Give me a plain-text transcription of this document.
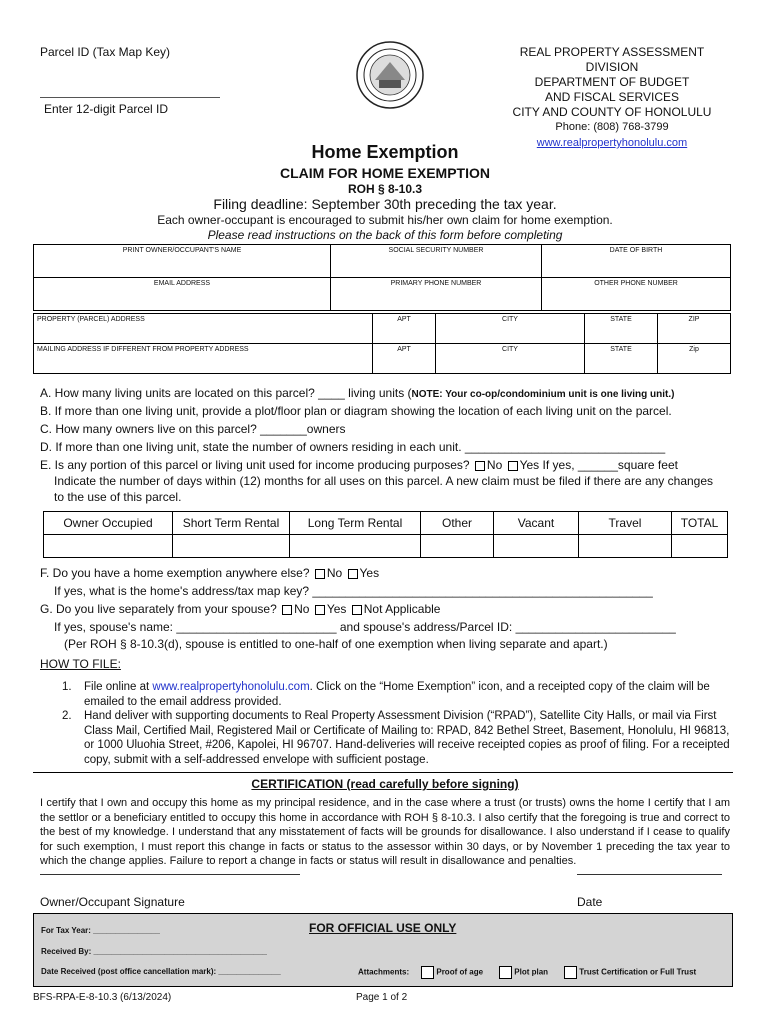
Parcel ID (Tax Map Key)
Enter 12-digit Parcel ID
REAL PROPERTY ASSESSMENT DIVISION
DEPARTMENT OF BUDGET
AND FISCAL SERVICES
CITY AND COUNTY OF HONOLULU
Phone: (808) 768-3799
www.realpropertyhonolulu.com
Home Exemption
CLAIM FOR HOME EXEMPTION
ROH § 8-10.3
Filing deadline: September 30th preceding the tax year.
Each owner-occupant is encouraged to submit his/her own claim for home exemption.
Please read instructions on the back of this form before completing
PRINT OWNER/OCCUPANT'S NAME	SOCIAL SECURITY NUMBER	DATE OF BIRTH
EMAIL ADDRESS	PRIMARY PHONE NUMBER	OTHER PHONE NUMBER
PROPERTY (PARCEL) ADDRESS	APT	CITY	STATE	ZIP
MAILING ADDRESS IF DIFFERENT FROM PROPERTY ADDRESS	APT	CITY	STATE	Zip
A. How many living units are located on this parcel? ____ living units (NOTE: Your co-op/condominium unit is one living unit.)
B. If more than one living unit, provide a plot/floor plan or diagram showing the location of each living unit on the parcel.
C. How many owners live on this parcel? _______owners
D. If more than one living unit, state the number of owners residing in each unit. ______________________________
E. Is any portion of this parcel or living unit used for income producing purposes? No Yes If yes, ______square feet
Indicate the number of days within (12) months for all uses on this parcel. A new claim must be filed if there are any changes
to the use of this parcel.
Owner Occupied	Short Term Rental	Long Term Rental	Other	Vacant	Travel	TOTAL

F. Do you have a home exemption anywhere else? No Yes
If yes, what is the home's address/tax map key? ___________________________________________________
G. Do you live separately from your spouse? No Yes Not Applicable
If yes, spouse's name: ________________________ and spouse's address/Parcel ID: ________________________
(Per ROH § 8-10.3(d), spouse is entitled to one-half of one exemption when living separate and apart.)
HOW TO FILE:
1. File online at www.realpropertyhonolulu.com. Click on the “Home Exemption” icon, and a receipted copy of the claim will be emailed to the email address provided.
2. Hand deliver with supporting documents to Real Property Assessment Division (“RPAD”), Satellite City Halls, or mail via First Class Mail, Certified Mail, Registered Mail or Certificate of Mailing to: RPAD, 842 Bethel Street, Basement, Honolulu, HI 96813, or 1000 Uluohia Street, #206, Kapolei, HI 96707. Hand-deliveries will receive receipted copies as proof of filing. For a receipted copy, submit with a self-addressed envelope with sufficient postage.
CERTIFICATION (read carefully before signing)
I certify that I own and occupy this home as my principal residence, and in the case where a trust (or trusts) owns the home I certify that I am the settlor or a beneficiary entitled to occupy this home in accordance with ROH § 8-10.3. I also certify that the foregoing is true and correct to the best of my knowledge. I understand that any misstatement of facts will be grounds for disallowance. I also understand if I cease to qualify for such exemption, I must report this change in facts or status to the assessor within 30 days, or by November 1 preceding the tax year to which the change applies. Failure to report a change in facts or status will result in disallowance and penalties.
Owner/Occupant Signature	Date
FOR OFFICIAL USE ONLY
For Tax Year: _______________
Received By: _______________________________________
Date Received (post office cancellation mark): ______________	Attachments:	Proof of age	Plot plan	Trust Certification or Full Trust
BFS-RPA-E-8-10.3 (6/13/2024)	Page 1 of 2
